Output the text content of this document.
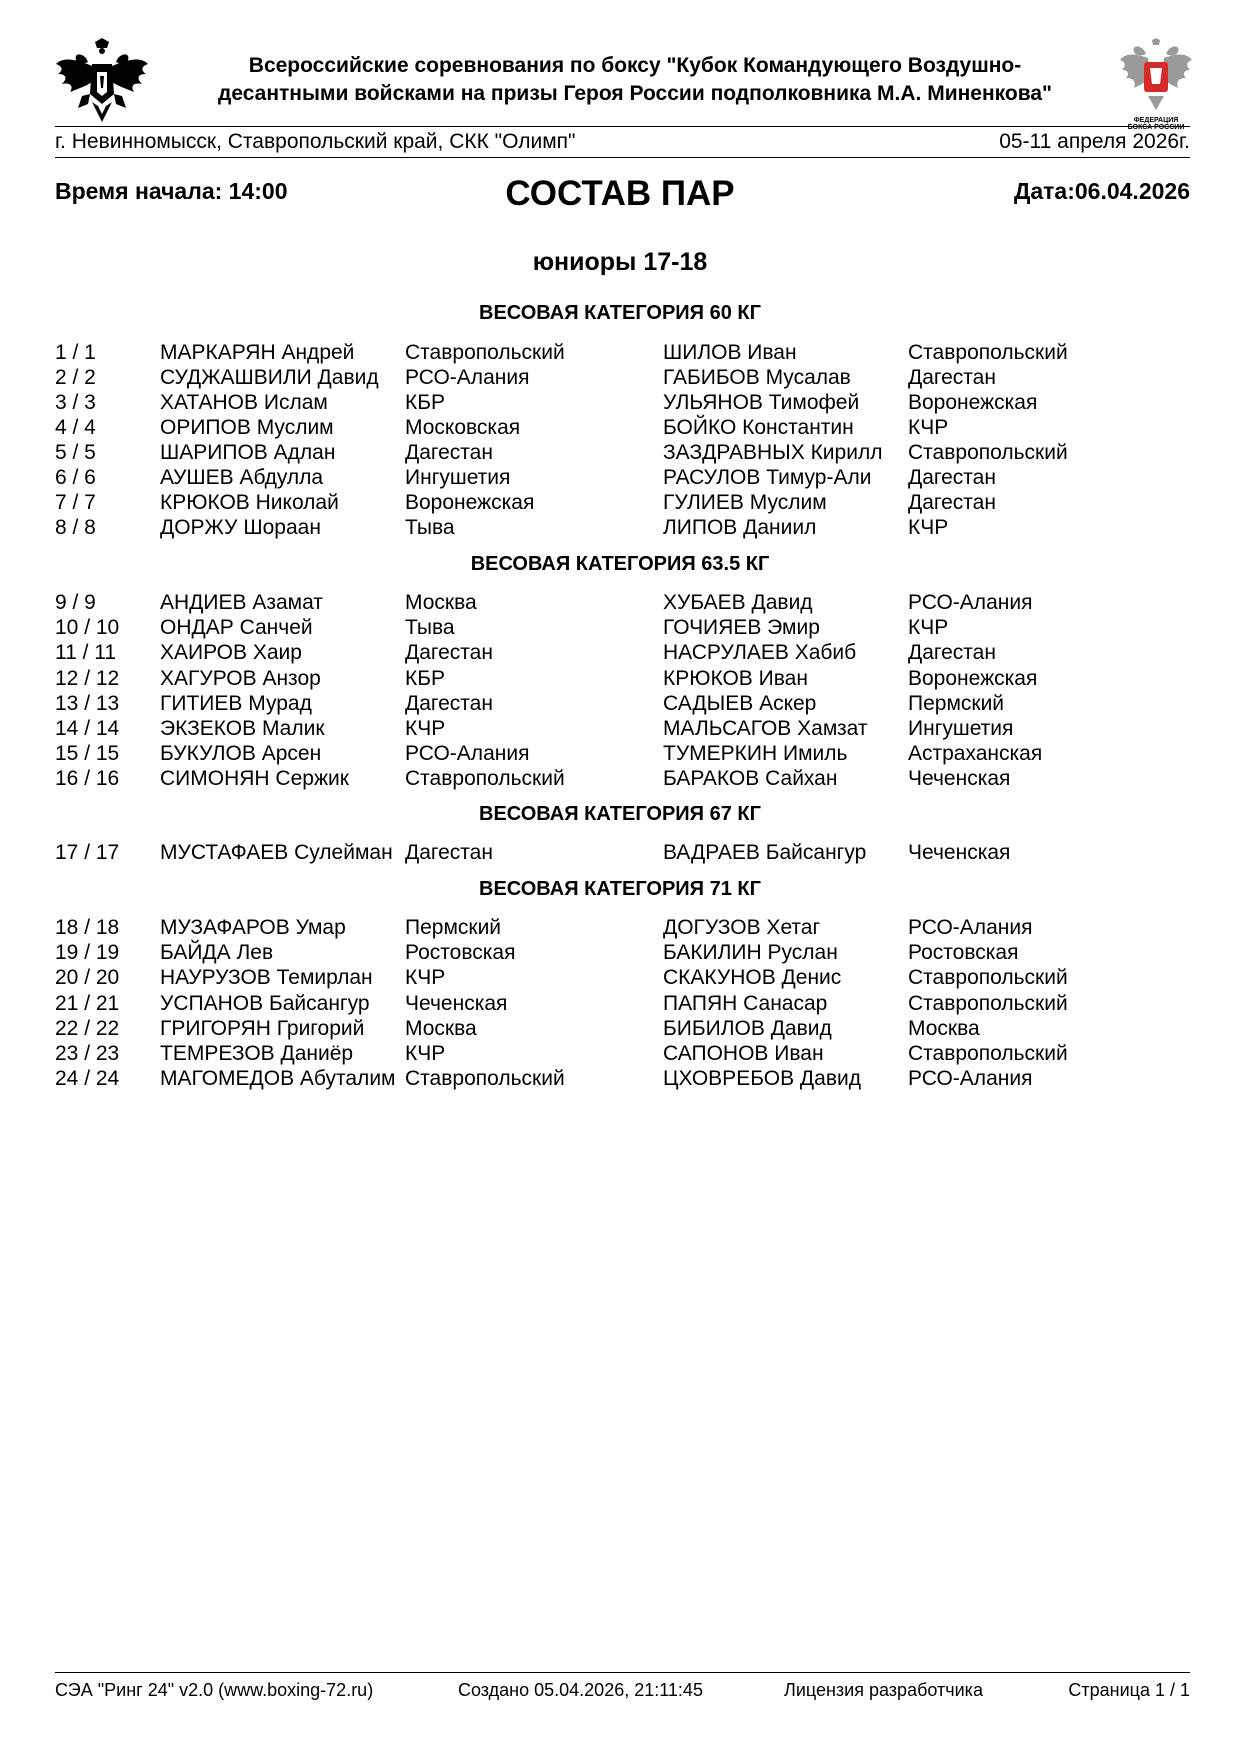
Всероссийские соревнования по боксу "Кубок Командующего Воздушно-
десантными войсками на призы Героя России подполковника М.А. Миненкова"
ФЕДЕРАЦИЯ
БОКСА РОССИИ
г. Невинномысск, Ставропольский край, СКК "Олимп"	05-11 апреля 2026г.
Время начала: 14:00	СОСТАВ ПАР	Дата:06.04.2026
юниоры 17-18
ВЕСОВАЯ КАТЕГОРИЯ 60 КГ
1 / 1	МАРКАРЯН Андрей Ставропольский	ШИЛОВ Иван	Ставропольский
2 / 2	СУДЖАШВИЛИ Давид РСО-Алания	ГАБИБОВ Мусалав	Дагестан
3 / 3	ХАТАНОВ Ислам	КБР	УЛЬЯНОВ Тимофей Воронежская
4 / 4	ОРИПОВ Муслим	Московская	БОЙКО Константин	КЧР
5 / 5	ШАРИПОВ Адлан	Дагестан	ЗАЗДРАВНЫХ Кирилл Ставропольский
6 / 6	АУШЕВ Абдулла	Ингушетия	РАСУЛОВ Тимур-Али Дагестан
7 / 7	КРЮКОВ Николай	Воронежская	ГУЛИЕВ Муслим	Дагестан
8 / 8	ДОРЖУ Шораан	Тыва	ЛИПОВ Даниил	КЧР
ВЕСОВАЯ КАТЕГОРИЯ 63.5 КГ
9 / 9	АНДИЕВ Азамат	Москва	ХУБАЕВ Давид	РСО-Алания
10 / 10 ОНДАР Санчей	Тыва	ГОЧИЯЕВ Эмир	КЧР
11 / 11 ХАИРОВ Хаир	Дагестан	НАСРУЛАЕВ Хабиб Дагестан
12 / 12 ХАГУРОВ Анзор	КБР	КРЮКОВ Иван	Воронежская
13 / 13 ГИТИЕВ Мурад	Дагестан	САДЫЕВ Аскер	Пермский
14 / 14 ЭКЗЕКОВ Малик	КЧР	МАЛЬСАГОВ Хамзат Ингушетия
15 / 15 БУКУЛОВ Арсен	РСО-Алания	ТУМЕРКИН Имиль	Астраханская
16 / 16 СИМОНЯН Сержик	Ставропольский	БАРАКОВ Сайхан	Чеченская
ВЕСОВАЯ КАТЕГОРИЯ 67 КГ
17 / 17 МУСТАФАЕВ Сулейман Дагестан	ВАДРАЕВ Байсангур Чеченская
ВЕСОВАЯ КАТЕГОРИЯ 71 КГ
18 / 18 МУЗАФАРОВ Умар	Пермский	ДОГУЗОВ Хетаг	РСО-Алания
19 / 19 БАЙДА Лев	Ростовская	БАКИЛИН Руслан	Ростовская
20 / 20 НАУРУЗОВ Темирлан КЧР	СКАКУНОВ Денис	Ставропольский
21 / 21 УСПАНОВ Байсангур Чеченская	ПАПЯН Санасар	Ставропольский
22 / 22 ГРИГОРЯН Григорий Москва	БИБИЛОВ Давид	Москва
23 / 23 ТЕМРЕЗОВ Даниёр КЧР	САПОНОВ Иван	Ставропольский
24 / 24 МАГОМЕДОВ Абуталим Ставропольский	ЦХОВРЕБОВ Давид РСО-Алания
СЭА "Ринг 24" v2.0 (www.boxing-72.ru)	Создано 05.04.2026, 21:11:45	Лицензия разработчика	Страница 1 / 1
